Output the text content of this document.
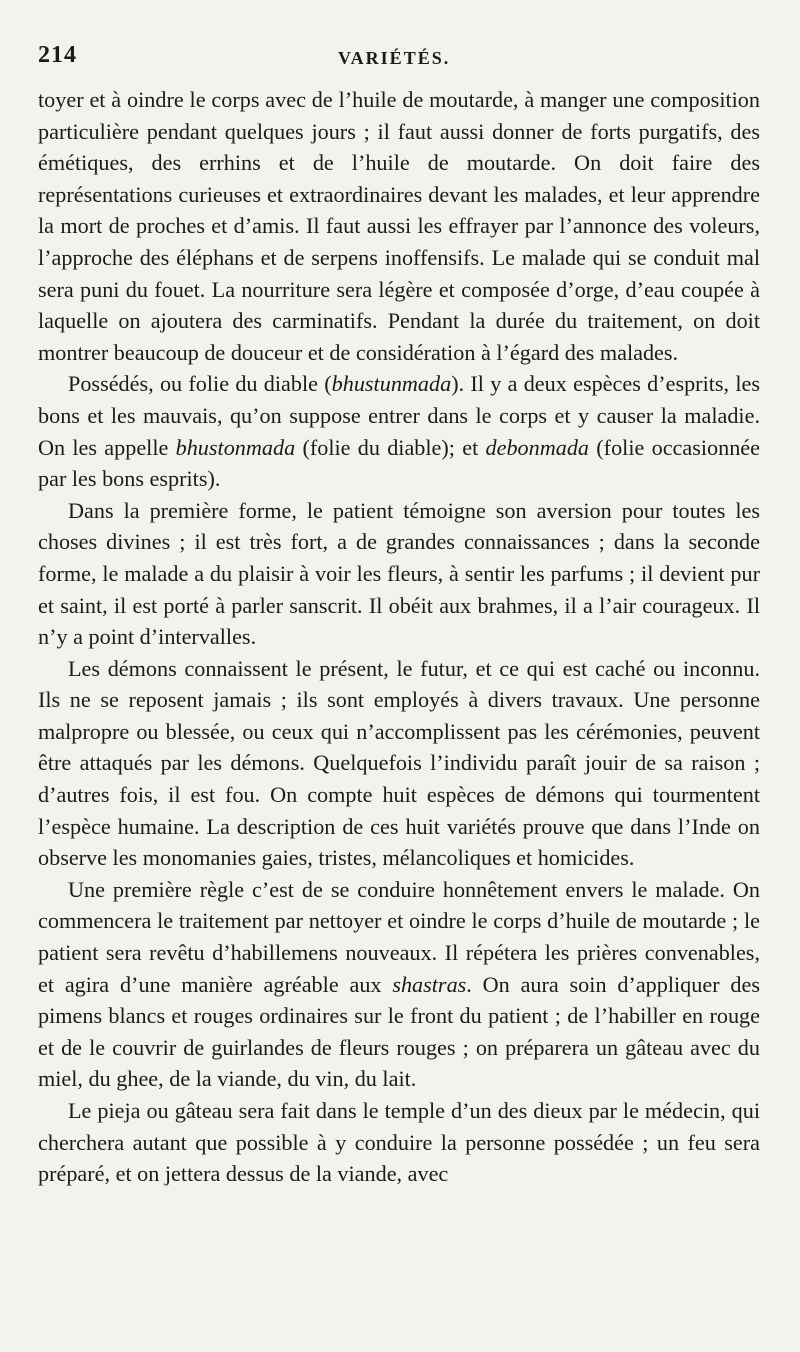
214	VARIÉTÉS.

toyer et à oindre le corps avec de l’huile de moutarde, à manger une composition particulière pendant quelques jours ; il faut aussi donner de forts purgatifs, des émétiques, des errhins et de l’huile de moutarde. On doit faire des représentations curieuses et extraordinaires devant les malades, et leur apprendre la mort de proches et d’amis. Il faut aussi les effrayer par l’annonce des voleurs, l’approche des éléphans et de serpens inoffensifs. Le malade qui se conduit mal sera puni du fouet. La nourriture sera légère et composée d’orge, d’eau coupée à laquelle on ajoutera des carminatifs. Pendant la durée du traitement, on doit montrer beaucoup de douceur et de considération à l’égard des malades.

Possédés, ou folie du diable (bhustunmada). Il y a deux espèces d’esprits, les bons et les mauvais, qu’on suppose entrer dans le corps et y causer la maladie. On les appelle bhustonmada (folie du diable); et debonmada (folie occasionnée par les bons esprits).

Dans la première forme, le patient témoigne son aversion pour toutes les choses divines ; il est très fort, a de grandes connaissances ; dans la seconde forme, le malade a du plaisir à voir les fleurs, à sentir les parfums ; il devient pur et saint, il est porté à parler sanscrit. Il obéit aux brahmes, il a l’air courageux. Il n’y a point d’intervalles.

Les démons connaissent le présent, le futur, et ce qui est caché ou inconnu. Ils ne se reposent jamais ; ils sont employés à divers travaux. Une personne malpropre ou blessée, ou ceux qui n’accomplissent pas les cérémonies, peuvent être attaqués par les démons. Quelquefois l’individu paraît jouir de sa raison ; d’autres fois, il est fou. On compte huit espèces de démons qui tourmentent l’espèce humaine. La description de ces huit variétés prouve que dans l’Inde on observe les monomanies gaies, tristes, mélancoliques et homicides.

Une première règle c’est de se conduire honnêtement envers le malade. On commencera le traitement par nettoyer et oindre le corps d’huile de moutarde ; le patient sera revêtu d’habillemens nouveaux. Il répétera les prières convenables, et agira d’une manière agréable aux shastras. On aura soin d’appliquer des pimens blancs et rouges ordinaires sur le front du patient ; de l’habiller en rouge et de le couvrir de guirlandes de fleurs rouges ; on préparera un gâteau avec du miel, du ghee, de la viande, du vin, du lait.

Le pieja ou gâteau sera fait dans le temple d’un des dieux par le médecin, qui cherchera autant que possible à y conduire la personne possédée ; un feu sera préparé, et on jettera dessus de la viande, avec
